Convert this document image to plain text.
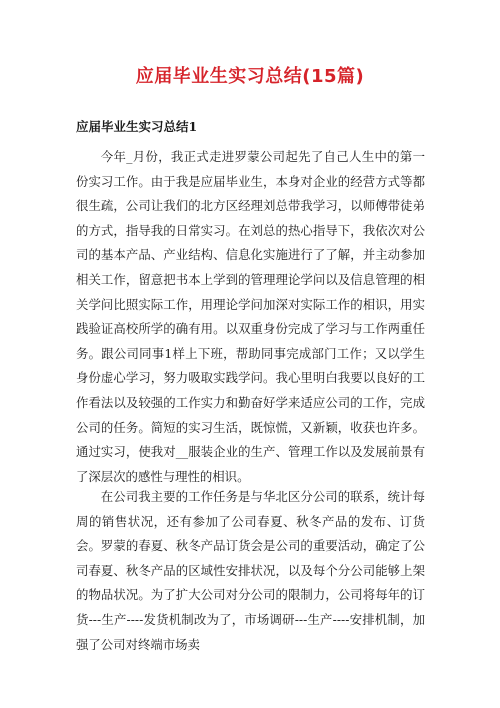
应届毕业生实习总结(15篇)
应届毕业生实习总结1

今年_月份，我正式走进罗蒙公司起先了自己人生中的第一份实习工作。由于我是应届毕业生，本身对企业的经营方式等都很生疏，公司让我们的北方区经理刘总带我学习，以师傅带徒弟的方式，指导我的日常实习。在刘总的热心指导下，我依次对公司的基本产品、产业结构、信息化实施进行了了解，并主动参加相关工作，留意把书本上学到的管理理论学问以及信息管理的相关学问比照实际工作，用理论学问加深对实际工作的相识，用实践验证高校所学的确有用。以双重身份完成了学习与工作两重任务。跟公司同事1样上下班，帮助同事完成部门工作；又以学生身份虚心学习，努力吸取实践学问。我心里明白我要以良好的工作看法以及较强的工作实力和勤奋好学来适应公司的工作，完成公司的任务。简短的实习生活，既惊慌，又新颖，收获也许多。通过实习，使我对__服装企业的生产、管理工作以及发展前景有了深层次的感性与理性的相识。

在公司我主要的工作任务是与华北区分公司的联系，统计每周的销售状况，还有参加了公司春夏、秋冬产品的发布、订货会。罗蒙的春夏、秋冬产品订货会是公司的重要活动，确定了公司春夏、秋冬产品的区域性安排状况，以及每个分公司能够上架的物品状况。为了扩大公司对分公司的限制力，公司将每年的订货---生产----发货机制改为了，市场调研---生产----安排机制，加强了公司对终端市场卖
